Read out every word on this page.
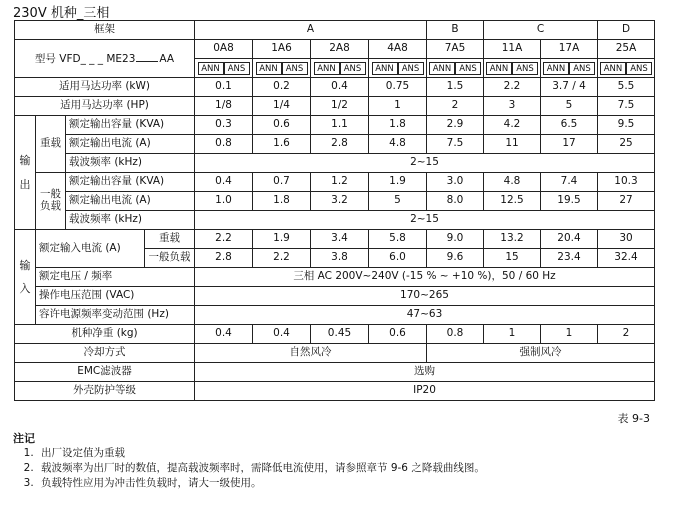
230V 机种_三相
框架				A				B	C		D
型号 VFD_ _ _ ME23 AA				0A8	1A6	2A8	4A8	7A5	11A	17A	25A

				ANN ANS	ANN ANS	ANN ANS	ANN ANS	ANN ANS	ANN ANS	ANN ANS	ANN ANS

适用马达功率 (kW)				0.1	0.2	0.4	0.75	1.5	2.2	3.7 / 4	5.5
适用马达功率 (HP)				1/8	1/4	1/2	1	2	3	5	7.5
输
出	重载	额定输出容量 (KVA)		0.3	0.6	1.1	1.8	2.9	4.2	6.5	9.5
		额定输出电流 (A)		0.8	1.6	2.8	4.8	7.5	11	17	25
		载波频率 (kHz)		2~15							
	一般
负载	额定输出容量 (KVA)		0.4	0.7	1.2	1.9	3.0	4.8	7.4	10.3
		额定输出电流 (A)		1.0	1.8	3.2	5	8.0	12.5	19.5	27
		载波频率 (kHz)		2~15							
输
入	额定输入电流 (A)		重载	2.2	1.9	3.4	5.8	9.0	13.2	20.4	30
			一般负载	2.8	2.2	3.8	6.0	9.6	15	23.4	32.4
	额定电压 / 频率			三相 AC 200V~240V (-15 % ~ +10 %)，50 / 60 Hz							
	操作电压范围 (VAC)			170~265							
	容许电源频率变动范围 (Hz)			47~63							
机种净重 (kg)				0.4	0.4	0.45	0.6	0.8	1	1	2
冷却方式				自然风冷				强制风冷			
EMC滤波器				选购							
外壳防护等级				IP20							
表 9-3
注记
1. 出厂设定值为重载
2. 载波频率为出厂时的数值，提高载波频率时，需降低电流使用，请参照章节 9-6 之降载曲线图。
3. 负载特性应用为冲击性负载时，请大一级使用。
